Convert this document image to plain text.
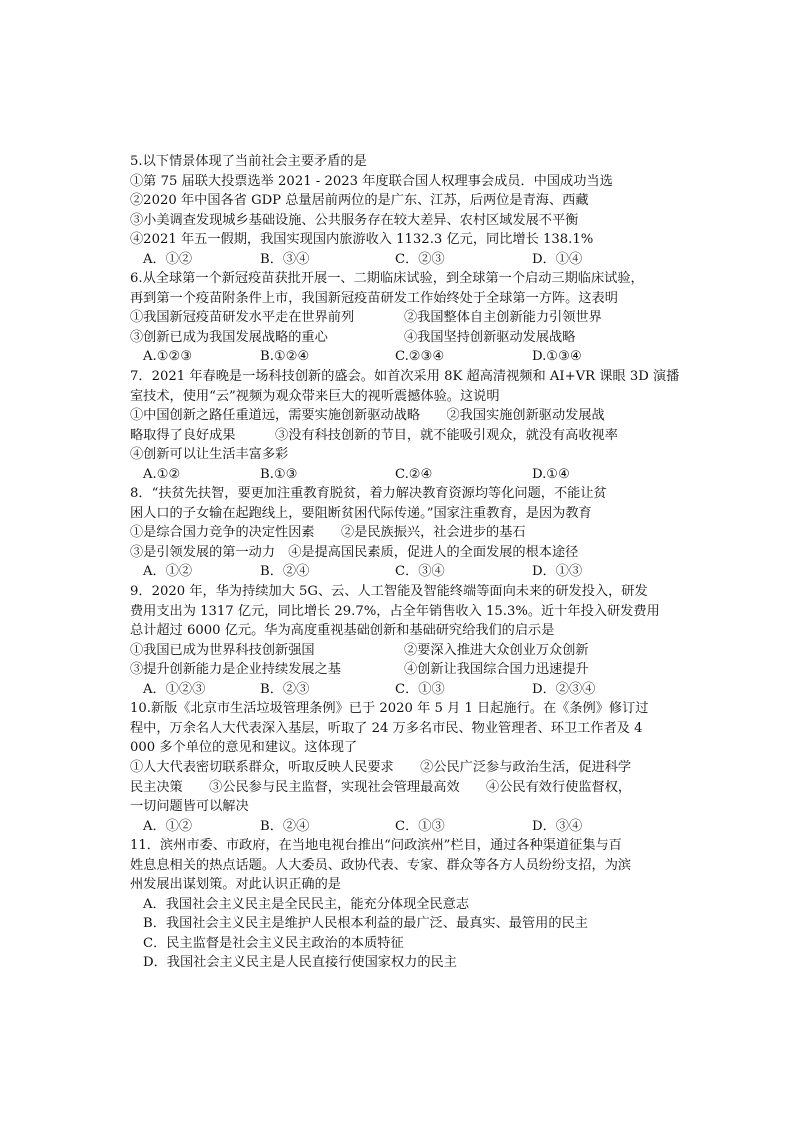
5.以下情景体现了当前社会主要矛盾的是
①第 75 届联大投票选举 2021 - 2023 年度联合国人权理事会成员．中国成功当选
②2020 年中国各省 GDP 总量居前两位的是广东、江苏，后两位是青海、西藏
③小美调查发现城乡基础设施、公共服务存在较大差异、农村区域发展不平衡
④2021 年五一假期，我国实现国内旅游收入 1132.3 亿元，同比增长 138.1%
A．①②	B．③④	C．②③	D．①④
6.从全球第一个新冠疫苗获批开展一、二期临床试验，到全球第一个启动三期临床试验，
再到第一个疫苗附条件上市，我国新冠疫苗研发工作始终处于全球第一方阵。这表明
①我国新冠疫苗研发水平走在世界前列	②我国整体自主创新能力引领世界
③创新已成为我国发展战略的重心	④我国坚持创新驱动发展战略
A.①②③	B.①②④	C.②③④	D.①③④
7．2021 年春晚是一场科技创新的盛会。如首次采用 8K 超高清视频和 AI+VR 课眼 3D 演播
室技术，使用“云”视频为观众带来巨大的视听震撼体验。这说明
①中国创新之路任重道远，需要实施创新驱动战略　　②我国实施创新驱动发展战
略取得了良好成果　　　③没有科技创新的节目，就不能吸引观众，就没有高收视率
④创新可以让生活丰富多彩
A.①②	B.①③	C.②④	D.①④
8．“扶贫先扶智，要更加注重教育脱贫，着力解决教育资源均等化问题，不能让贫
困人口的子女输在起跑线上，要阻断贫困代际传递。”国家注重教育，是因为教育
①是综合国力竞争的决定性因素　　②是民族振兴，社会进步的基石
③是引领发展的第一动力　④是提高国民素质，促进人的全面发展的根本途径
A．①②	B．②④	C．③④	D．①③
9．2020 年，华为持续加大 5G、云、人工智能及智能终端等面向未来的研发投入，研发
费用支出为 1317 亿元，同比增长 29.7%，占全年销售收入 15.3%。近十年投入研发费用
总计超过 6000 亿元。华为高度重视基础创新和基础研究给我们的启示是
①我国已成为世界科技创新强国	②要深入推进大众创业万众创新
③提升创新能力是企业持续发展之基	④创新让我国综合国力迅速提升
A．①②③	B．②③	C．①③	D．②③④
10.新版《北京市生活垃圾管理条例》已于 2020 年 5 月 1 日起施行。在《条例》修订过
程中，万余名人大代表深入基层，听取了 24 万多名市民、物业管理者、环卫工作者及 4
000 多个单位的意见和建议。这体现了
①人大代表密切联系群众，听取反映人民要求　　②公民广泛参与政治生活，促进科学
民主决策　　③公民参与民主监督，实现社会管理最高效　　④公民有效行使监督权，
一切问题皆可以解决
A．①②	B．②④	C．①③	D．③④
11．滨州市委、市政府，在当地电视台推出“问政滨州”栏目，通过各种渠道征集与百
姓息息相关的热点话题。人大委员、政协代表、专家、群众等各方人员纷纷支招，为滨
州发展出谋划策。对此认识正确的是
A．我国社会主义民主是全民民主，能充分体现全民意志
B．我国社会主义民主是维护人民根本利益的最广泛、最真实、最管用的民主
C．民主监督是社会主义民主政治的本质特征
D．我国社会主义民主是人民直接行使国家权力的民主
